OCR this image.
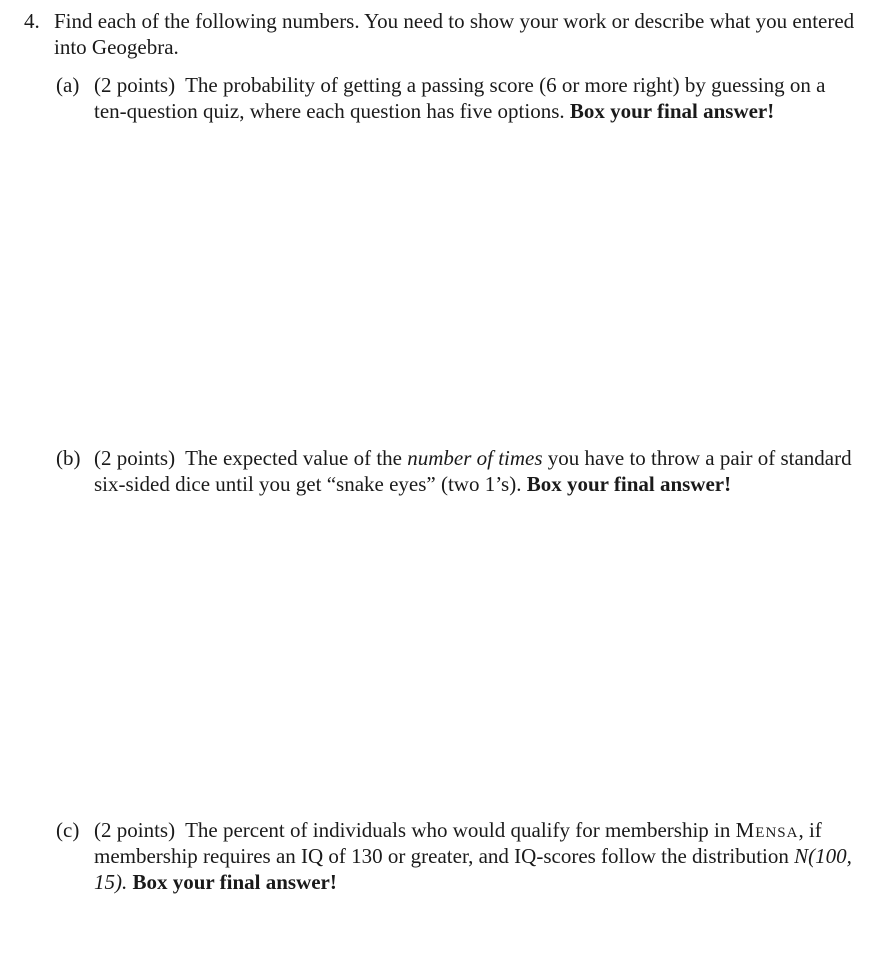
4. Find each of the following numbers. You need to show your work or describe what you entered into Geogebra.
(a) (2 points) The probability of getting a passing score (6 or more right) by guessing on a ten-question quiz, where each question has five options. Box your final answer!
(b) (2 points) The expected value of the number of times you have to throw a pair of standard six-sided dice until you get “snake eyes” (two 1’s). Box your final answer!
(c) (2 points) The percent of individuals who would qualify for membership in Mensa, if membership requires an IQ of 130 or greater, and IQ-scores follow the distribution N(100, 15). Box your final answer!
